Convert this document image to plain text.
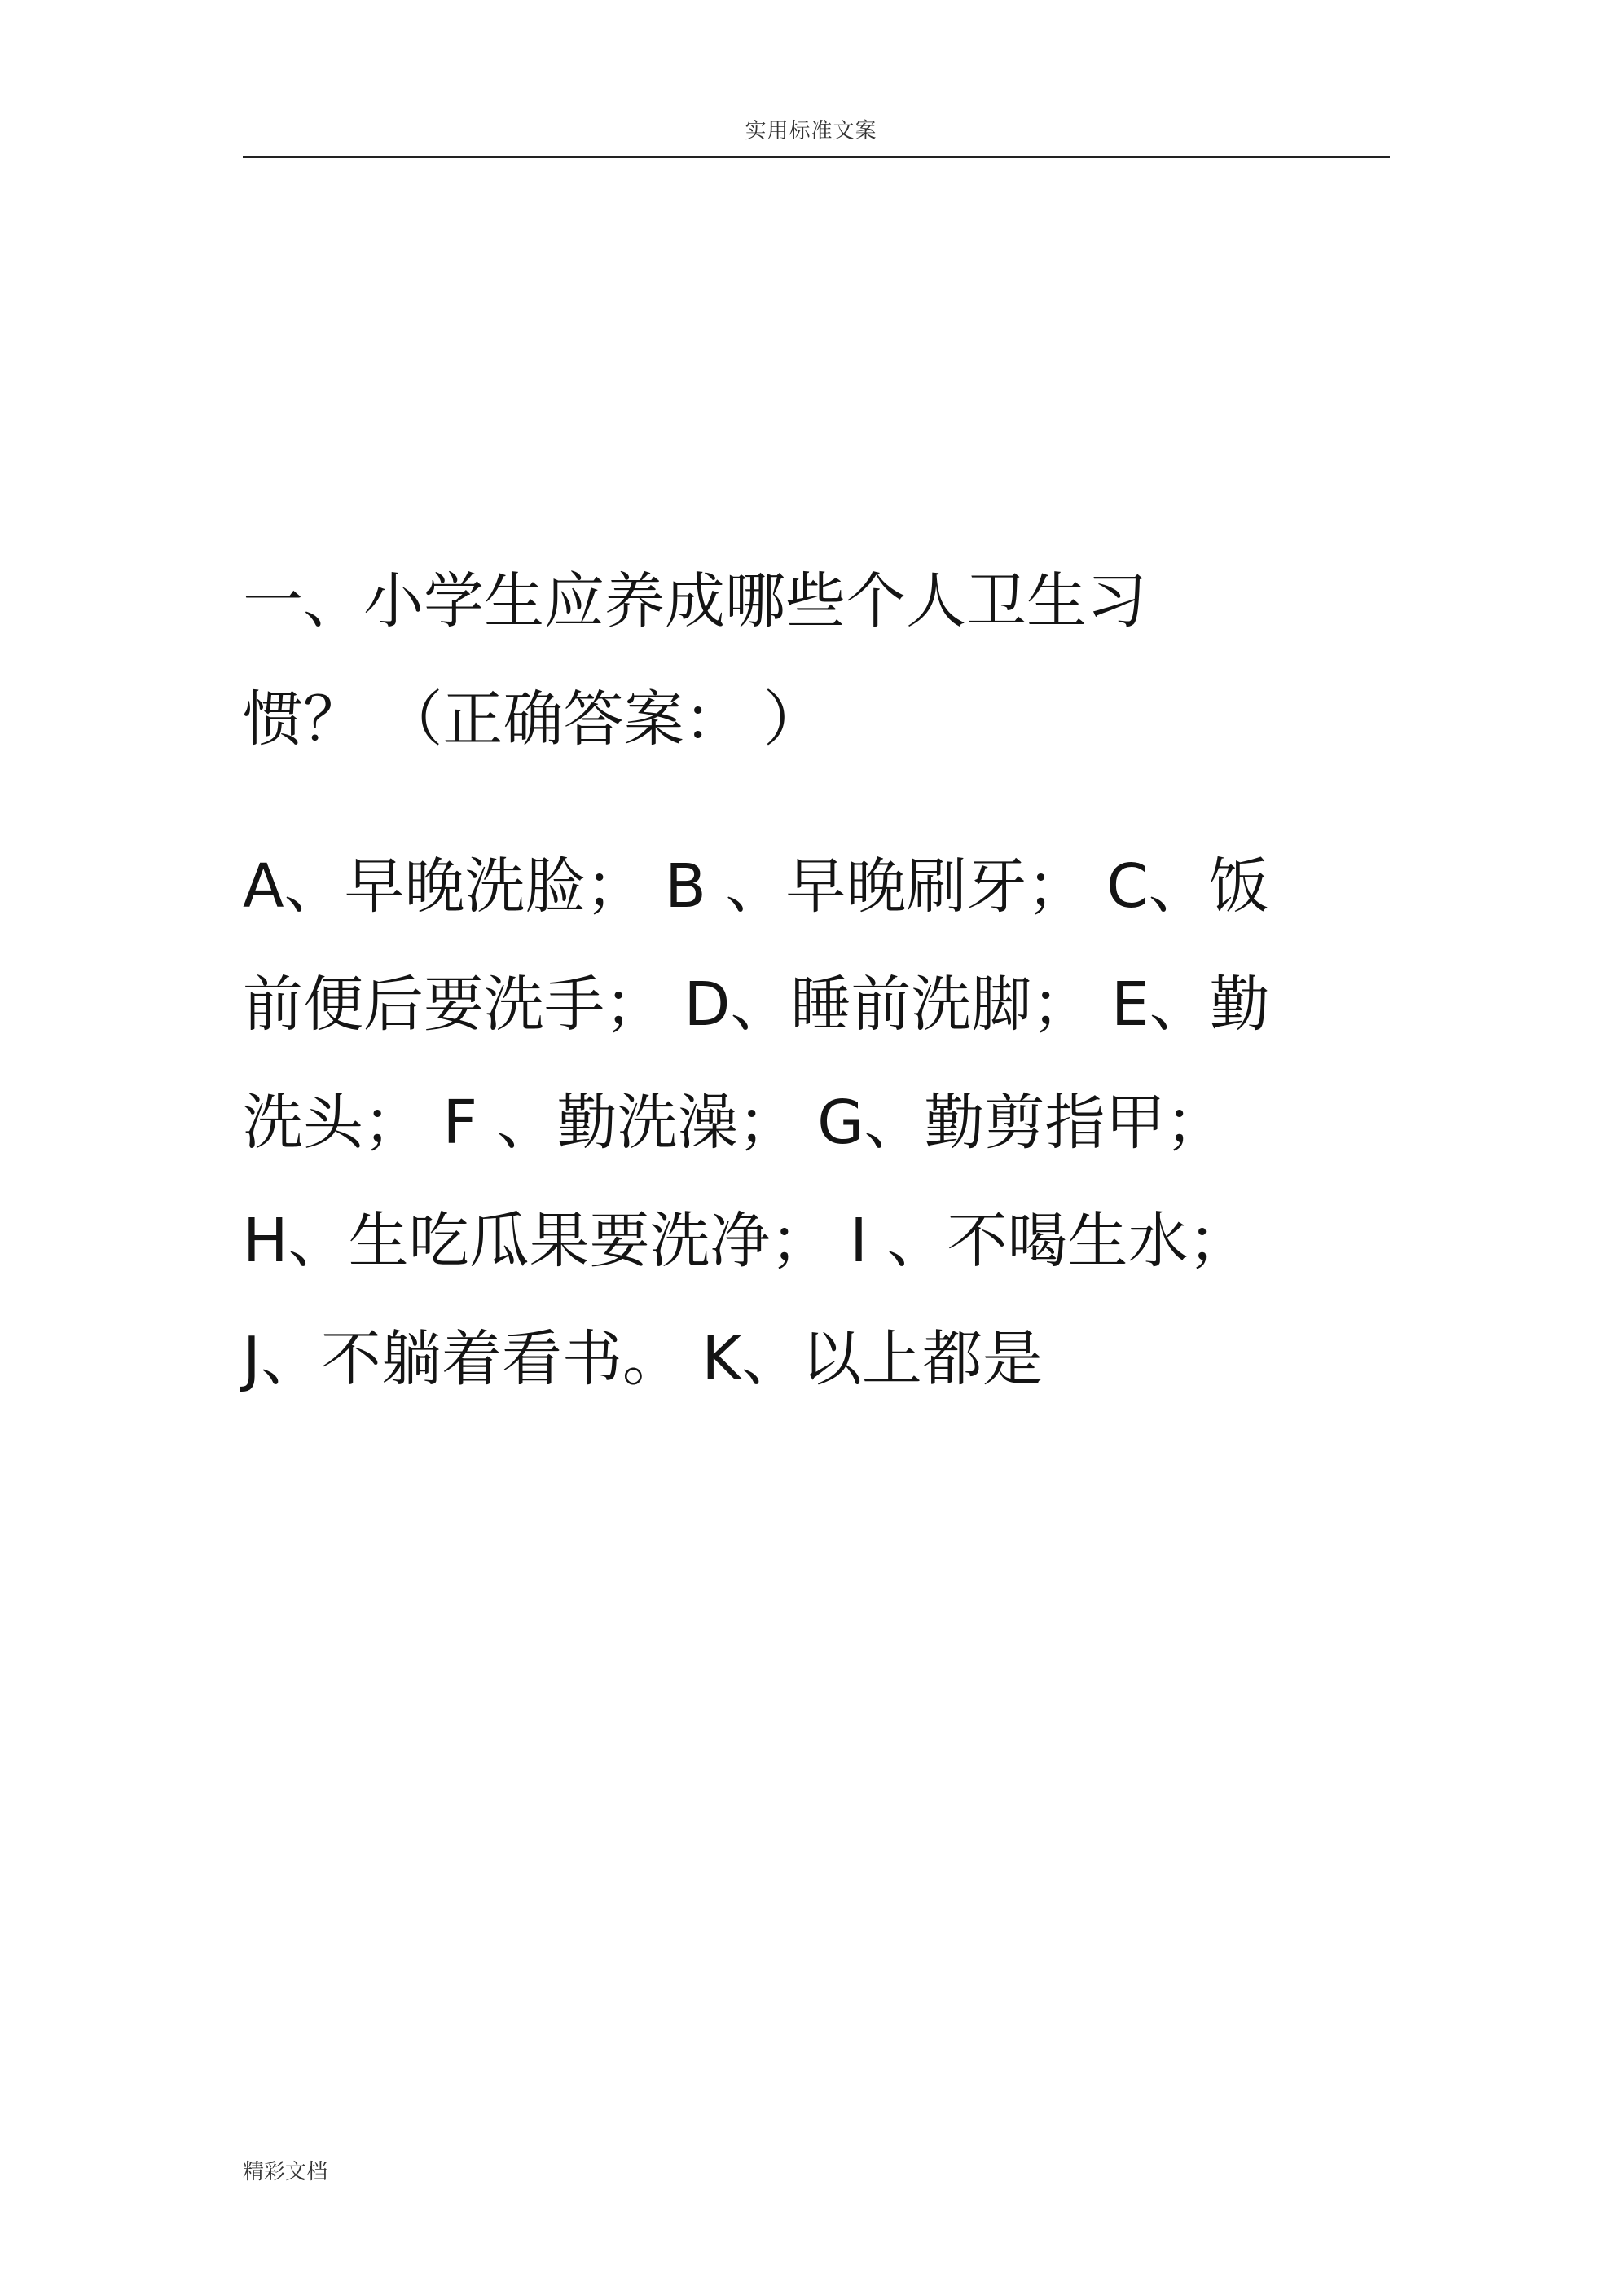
实用标准文案
一、小学生应养成哪些个人卫生习
惯？ （正确答案： ）
A、早晚洗脸； B 、早晚刷牙； C、饭
前便后要洗手； D、睡前洗脚； E、勤
洗头； F 、勤洗澡； G、勤剪指甲；
H、生吃瓜果要洗净； I 、不喝生水；
J、不躺着看书。 K、以上都是
精彩文档
